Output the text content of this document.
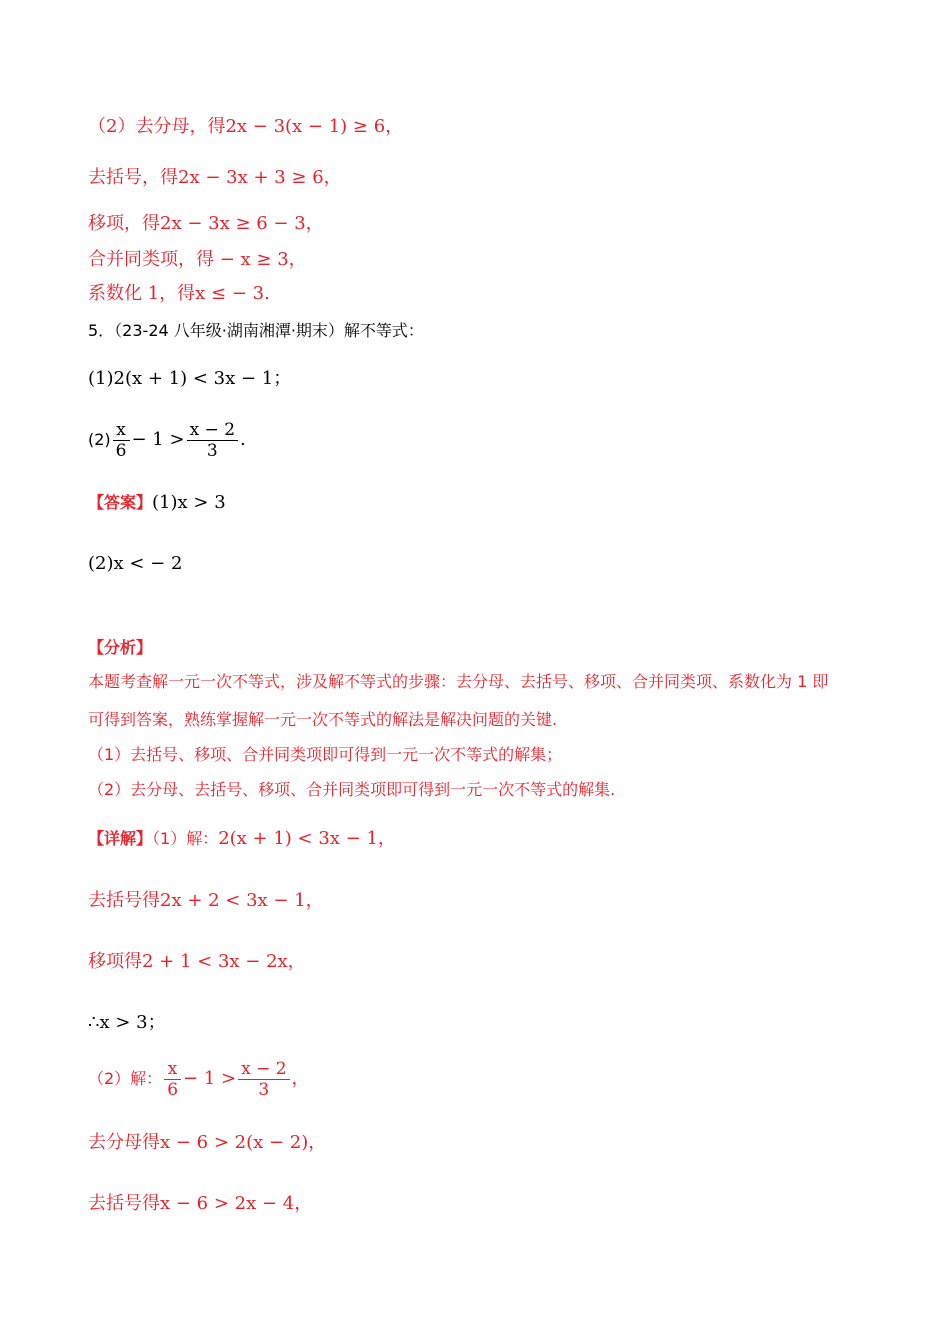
（2）去分母，得2x − 3(x − 1) ≥ 6，
去括号，得2x − 3x + 3 ≥ 6，
移项，得2x − 3x ≥ 6 − 3，
合并同类项，得 − x ≥ 3，
系数化 1，得x ≤ − 3.
5．（23-24 八年级·湖南湘潭·期末）解不等式：
(1)2(x + 1) < 3x − 1；
$(2) \frac{x}{6} - 1 > \frac{x - 2}{3}$ .
【答案】(1)x > 3
(2)x < − 2
【分析】
本题考查解一元一次不等式，涉及解不等式的步骤：去分母、去括号、移项、合并同类项、系数化为 1 即
可得到答案，熟练掌握解一元一次不等式的解法是解决问题的关键.
（1）去括号、移项、合并同类项即可得到一元一次不等式的解集；
（2）去分母、去括号、移项、合并同类项即可得到一元一次不等式的解集.
【详解】（1）解：2(x + 1) < 3x − 1，
去括号得2x + 2 < 3x − 1，
移项得2 + 1 < 3x − 2x，
∴x > 3；
（2）解： $\frac{x}{6} - 1 > \frac{x - 2}{3}$ ，
去分母得x − 6 > 2(x − 2)，
去括号得x − 6 > 2x − 4，
